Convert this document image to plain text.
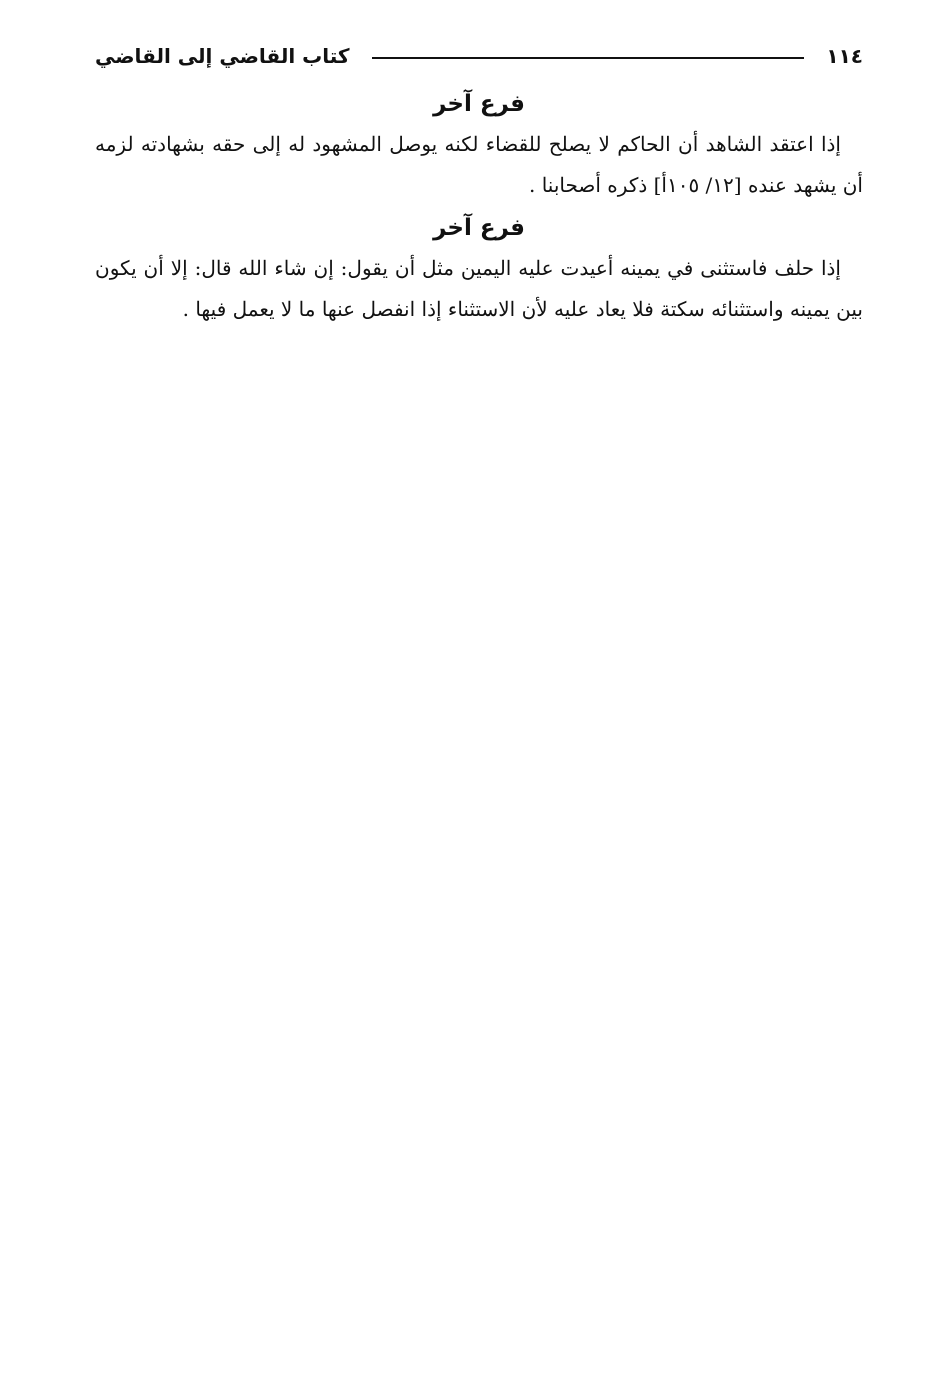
١١٤
كتاب القاضي إلى القاضي
فرع آخر

إذا اعتقد الشاهد أن الحاكم لا يصلح للقضاء لكنه يوصل المشهود له إلى حقه بشهادته لزمه أن يشهد عنده [١٢/ ١٠٥أ] ذكره أصحابنا .

فرع آخر

إذا حلف فاستثنى في يمينه أعيدت عليه اليمين مثل أن يقول: إن شاء الله قال: إلا أن يكون بين يمينه واستثنائه سكتة فلا يعاد عليه لأن الاستثناء إذا انفصل عنها ما لا يعمل فيها .
